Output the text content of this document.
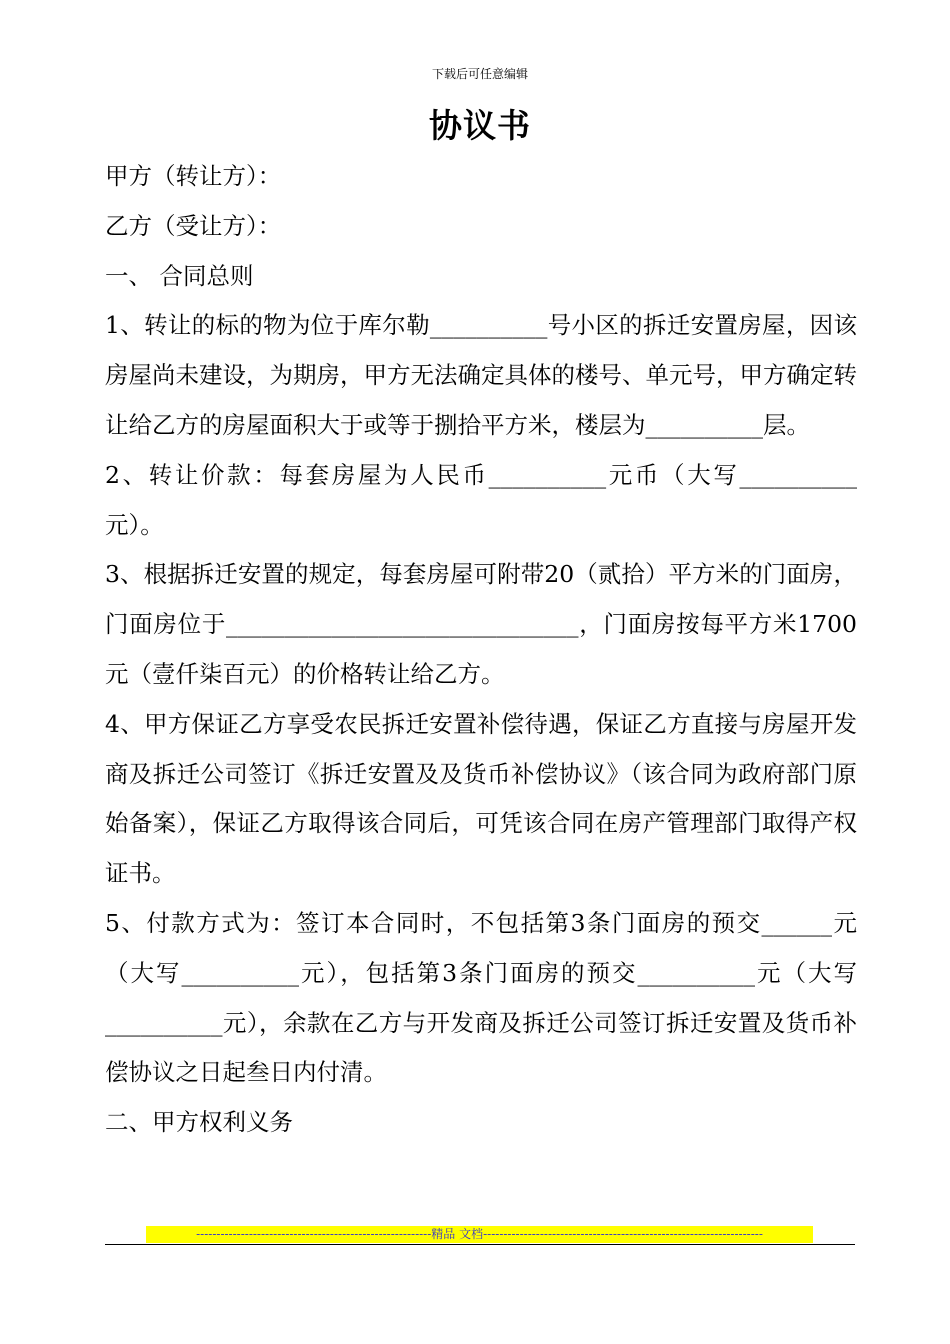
下载后可任意编辑
协议书

甲方（转让方）：

乙方（受让方）：

一、 合同总则

1、转让的标的物为位于库尔勒__________号小区的拆迁安置房屋，因该房屋尚未建设，为期房，甲方无法确定具体的楼号、单元号，甲方确定转让给乙方的房屋面积大于或等于捌拾平方米，楼层为__________层。

2、转让价款：每套房屋为人民币__________元币（大写__________元）。

3、根据拆迁安置的规定，每套房屋可附带20（贰拾）平方米的门面房，门面房位于______________________________，门面房按每平方米1700元（壹仟柒百元）的价格转让给乙方。

4、甲方保证乙方享受农民拆迁安置补偿待遇，保证乙方直接与房屋开发商及拆迁公司签订《拆迁安置及及货币补偿协议》（该合同为政府部门原始备案），保证乙方取得该合同后，可凭该合同在房产管理部门取得产权证书。

5、付款方式为：签订本合同时，不包括第3条门面房的预交______元（大写__________元），包括第3条门面房的预交__________元（大写__________元），余款在乙方与开发商及拆迁公司签订拆迁安置及货币补偿协议之日起叁日内付清。

二、甲方权利义务

----------------------------------------------------------精品 文档---------------------------------------------------------------------
